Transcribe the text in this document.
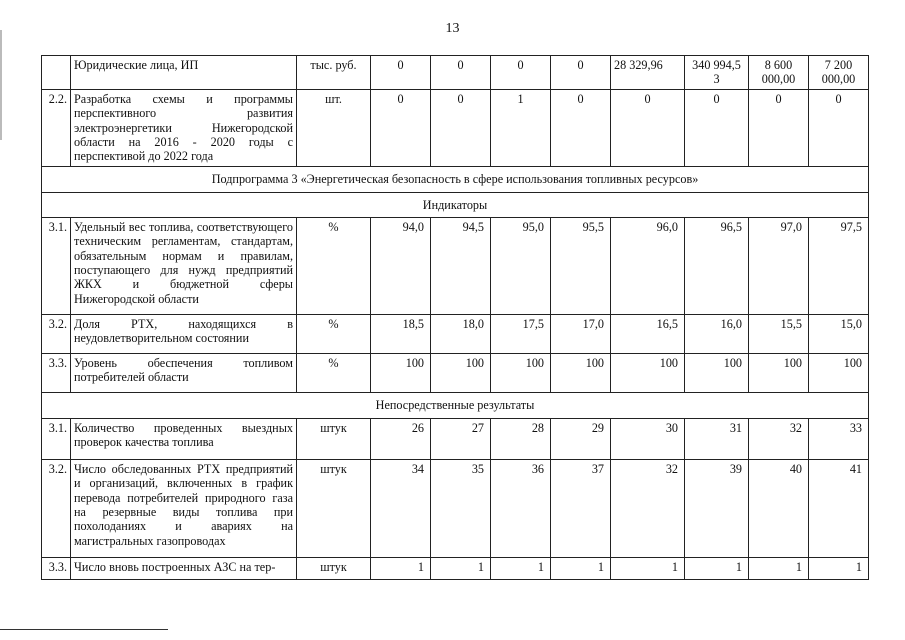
13
	Юридические лица, ИП	тыс. руб.	0	0	0	0	28 329,96	340 994,5 3	8 600 000,00	7 200 000,00
2.2.	Разработка схемы и программы перспективного развития электроэнергетики Нижегородской области на 2016 - 2020 годы с перспективой до 2022 года	шт.	0	0	1	0	0	0	0	0
Подпрограмма 3 «Энергетическая безопасность в сфере использования топливных ресурсов»										
Индикаторы										
3.1.	Удельный вес топлива, соответствующего техническим регламентам, стандартам, обязательным нормам и правилам, поступающего для нужд предприятий ЖКХ и бюджетной сферы Нижегородской области	%	94,0	94,5	95,0	95,5	96,0	96,5	97,0	97,5
3.2.	Доля РТХ, находящихся в неудовлетворительном состоянии	%	18,5	18,0	17,5	17,0	16,5	16,0	15,5	15,0
3.3.	Уровень обеспечения топливом потребителей области	%	100	100	100	100	100	100	100	100
Непосредственные результаты										
3.1.	Количество проведенных выездных проверок качества топлива	штук	26	27	28	29	30	31	32	33
3.2.	Число обследованных РТХ предприятий и организаций, включенных в график перевода потребителей природного газа на резервные виды топлива при похолоданиях и авариях на магистральных газопроводах	штук	34	35	36	37	32	39	40	41
3.3.	Число вновь построенных АЗС на тер-	штук	1	1	1	1	1	1	1	1
